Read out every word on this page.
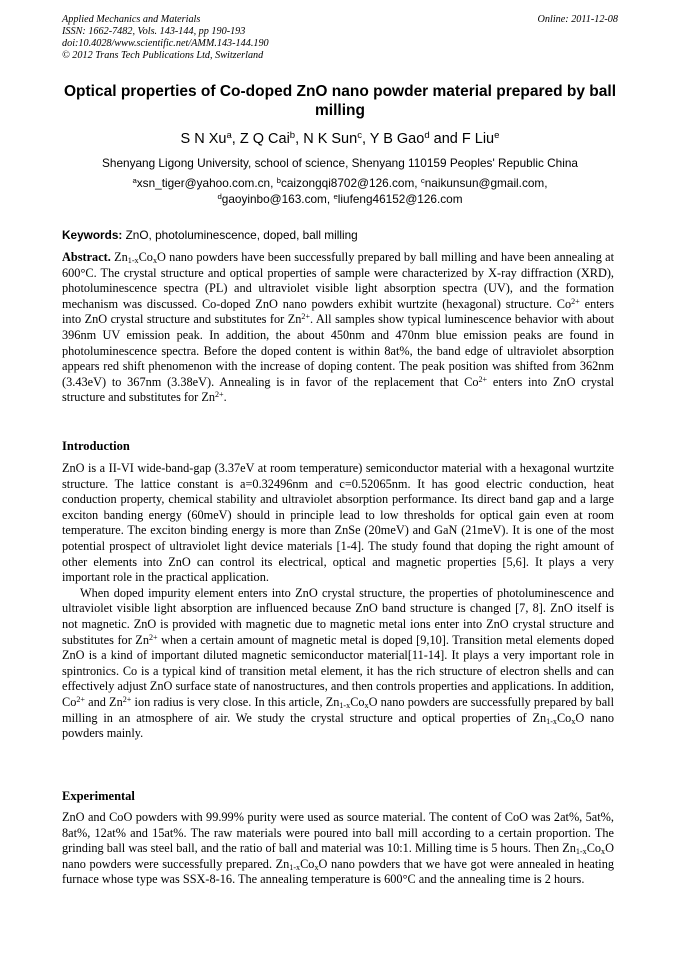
Applied Mechanics and Materials
ISSN: 1662-7482, Vols. 143-144, pp 190-193
doi:10.4028/www.scientific.net/AMM.143-144.190
© 2012 Trans Tech Publications Ltd, Switzerland
Online: 2011-12-08
Optical properties of Co-doped ZnO nano powder material prepared by ball milling
S N Xu$^a$, Z Q Cai$^b$, N K Sun$^c$, Y B Gao$^d$ and F Liu$^e$
Shenyang Ligong University, school of science, Shenyang 110159 Peoples' Republic China
$^a$xsn_tiger@yahoo.com.cn, $^b$caizongqi8702@126.com, $^c$naikunsun@gmail.com,
$^d$gaoyinbo@163.com, $^e$liufeng46152@126.com
Keywords: ZnO, photoluminescence, doped, ball milling

Abstract. $Zn_{1-x}Co_xO$ nano powders have been successfully prepared by ball milling and have been annealing at 600°C. The crystal structure and optical properties of sample were characterized by X-ray diffraction (XRD), photoluminescence spectra (PL) and ultraviolet visible light absorption spectra (UV), and the formation mechanism was discussed. Co-doped ZnO nano powders exhibit wurtzite (hexagonal) structure. $Co^{2+}$ enters into ZnO crystal structure and substitutes for $Zn^{2+}$. All samples show typical luminescence behavior with about 396nm UV emission peak. In addition, the about 450nm and 470nm blue emission peaks are found in photoluminescence spectra. Before the doped content is within 8at%, the band edge of ultraviolet absorption appears red shift phenomenon with the increase of doping content. The peak position was shifted from 362nm (3.43eV) to 367nm (3.38eV). Annealing is in favor of the replacement that $Co^{2+}$ enters into ZnO crystal structure and substitutes for $Zn^{2+}$.

Introduction

ZnO is a II-VI wide-band-gap (3.37eV at room temperature) semiconductor material with a hexagonal wurtzite structure. The lattice constant is a=0.32496nm and c=0.52065nm. It has good electric conduction, heat conduction property, chemical stability and ultraviolet absorption performance. Its direct band gap and a large exciton banding energy (60meV) should in principle lead to low thresholds for optical gain even at room temperature. The exciton binding energy is more than ZnSe (20meV) and GaN (21meV). It is one of the most potential prospect of ultraviolet light device materials [1-4]. The study found that doping the right amount of other elements into ZnO can control its electrical, optical and magnetic properties [5,6]. It plays a very important role in the practical application.

When doped impurity element enters into ZnO crystal structure, the properties of photoluminescence and ultraviolet visible light absorption are influenced because ZnO band structure is changed [7, 8]. ZnO itself is not magnetic. ZnO is provided with magnetic due to magnetic metal ions enter into ZnO crystal structure and substitutes for $Zn^{2+}$ when a certain amount of magnetic metal is doped [9,10]. Transition metal elements doped ZnO is a kind of important diluted magnetic semiconductor material[11-14]. It plays a very important role in spintronics. Co is a typical kind of transition metal element, it has the rich structure of electron shells and can effectively adjust ZnO surface state of nanostructures, and then controls properties and applications. In addition, $Co^{2+}$ and $Zn^{2+}$ ion radius is very close. In this article, $Zn_{1-x}Co_xO$ nano powders are successfully prepared by ball milling in an atmosphere of air. We study the crystal structure and optical properties of $Zn_{1-x}Co_xO$ nano powders mainly.

Experimental

ZnO and CoO powders with 99.99% purity were used as source material. The content of CoO was 2at%, 5at%, 8at%, 12at% and 15at%. The raw materials were poured into ball mill according to a certain proportion. The grinding ball was steel ball, and the ratio of ball and material was 10:1. Milling time is 5 hours. Then $Zn_{1-x}Co_xO$ nano powders were successfully prepared. $Zn_{1-x}Co_xO$ nano powders that we have got were annealed in heating furnace whose type was SSX-8-16. The annealing temperature is 600°C and the annealing time is 2 hours.
